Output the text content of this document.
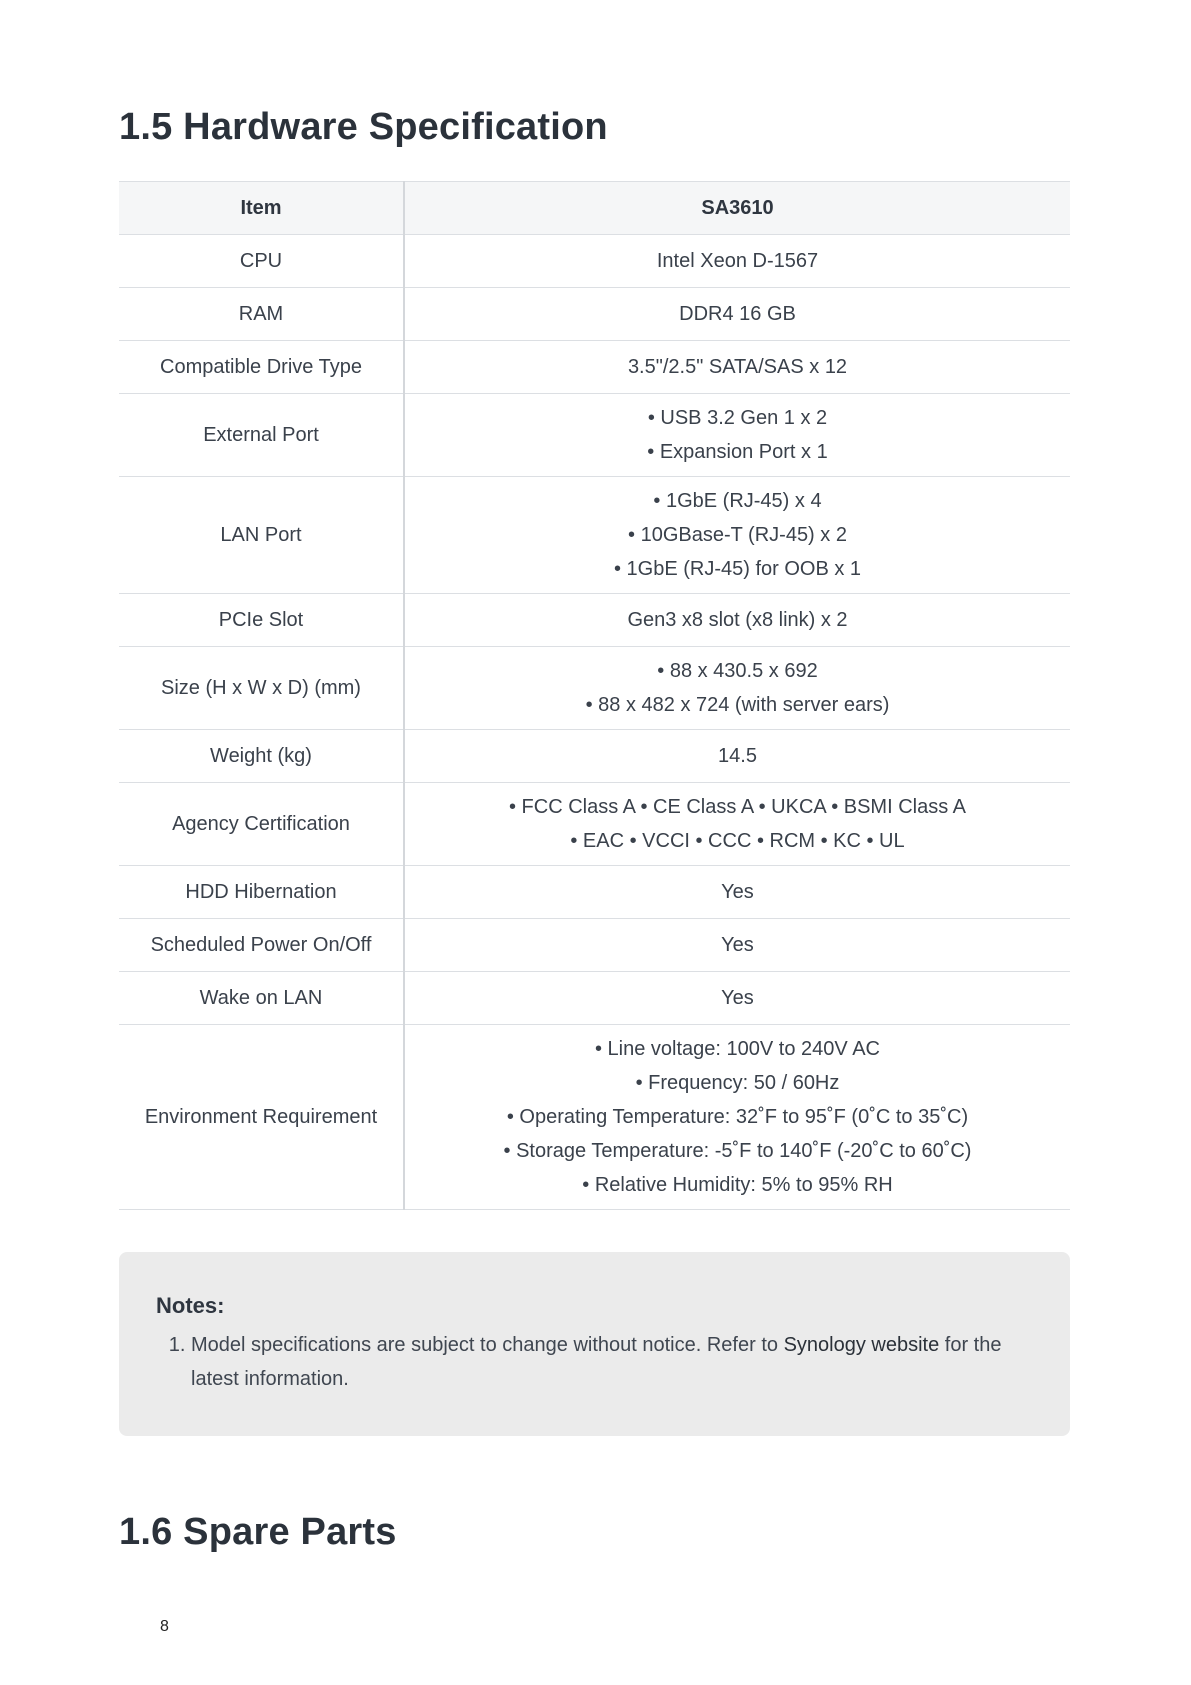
1.5 Hardware Specification
Item	SA3610
CPU	Intel Xeon D-1567

RAM	DDR4 16 GB

Compatible Drive Type	3.5"/2.5" SATA/SAS x 12

External Port	• USB 3.2 Gen 1 x 2
• Expansion Port x 1

LAN Port	• 1GbE (RJ-45) x 4
• 10GBase-T (RJ-45) x 2
• 1GbE (RJ-45) for OOB x 1

PCIe Slot	Gen3 x8 slot (x8 link) x 2

Size (H x W x D) (mm)	• 88 x 430.5 x 692
• 88 x 482 x 724 (with server ears)

Weight (kg)	14.5

Agency Certification	• FCC Class A • CE Class A • UKCA • BSMI Class A
• EAC • VCCI • CCC • RCM • KC • UL

HDD Hibernation	Yes

Scheduled Power On/Off	Yes

Wake on LAN	Yes

Environment Requirement	• Line voltage: 100V to 240V AC
• Frequency: 50 / 60Hz
• Operating Temperature: 32˚F to 95˚F (0˚C to 35˚C)
• Storage Temperature: -5˚F to 140˚F (-20˚C to 60˚C)
• Relative Humidity: 5% to 95% RH
Notes:
1. Model specifications are subject to change without notice. Refer to Synology website for the latest information.
1.6 Spare Parts
8
